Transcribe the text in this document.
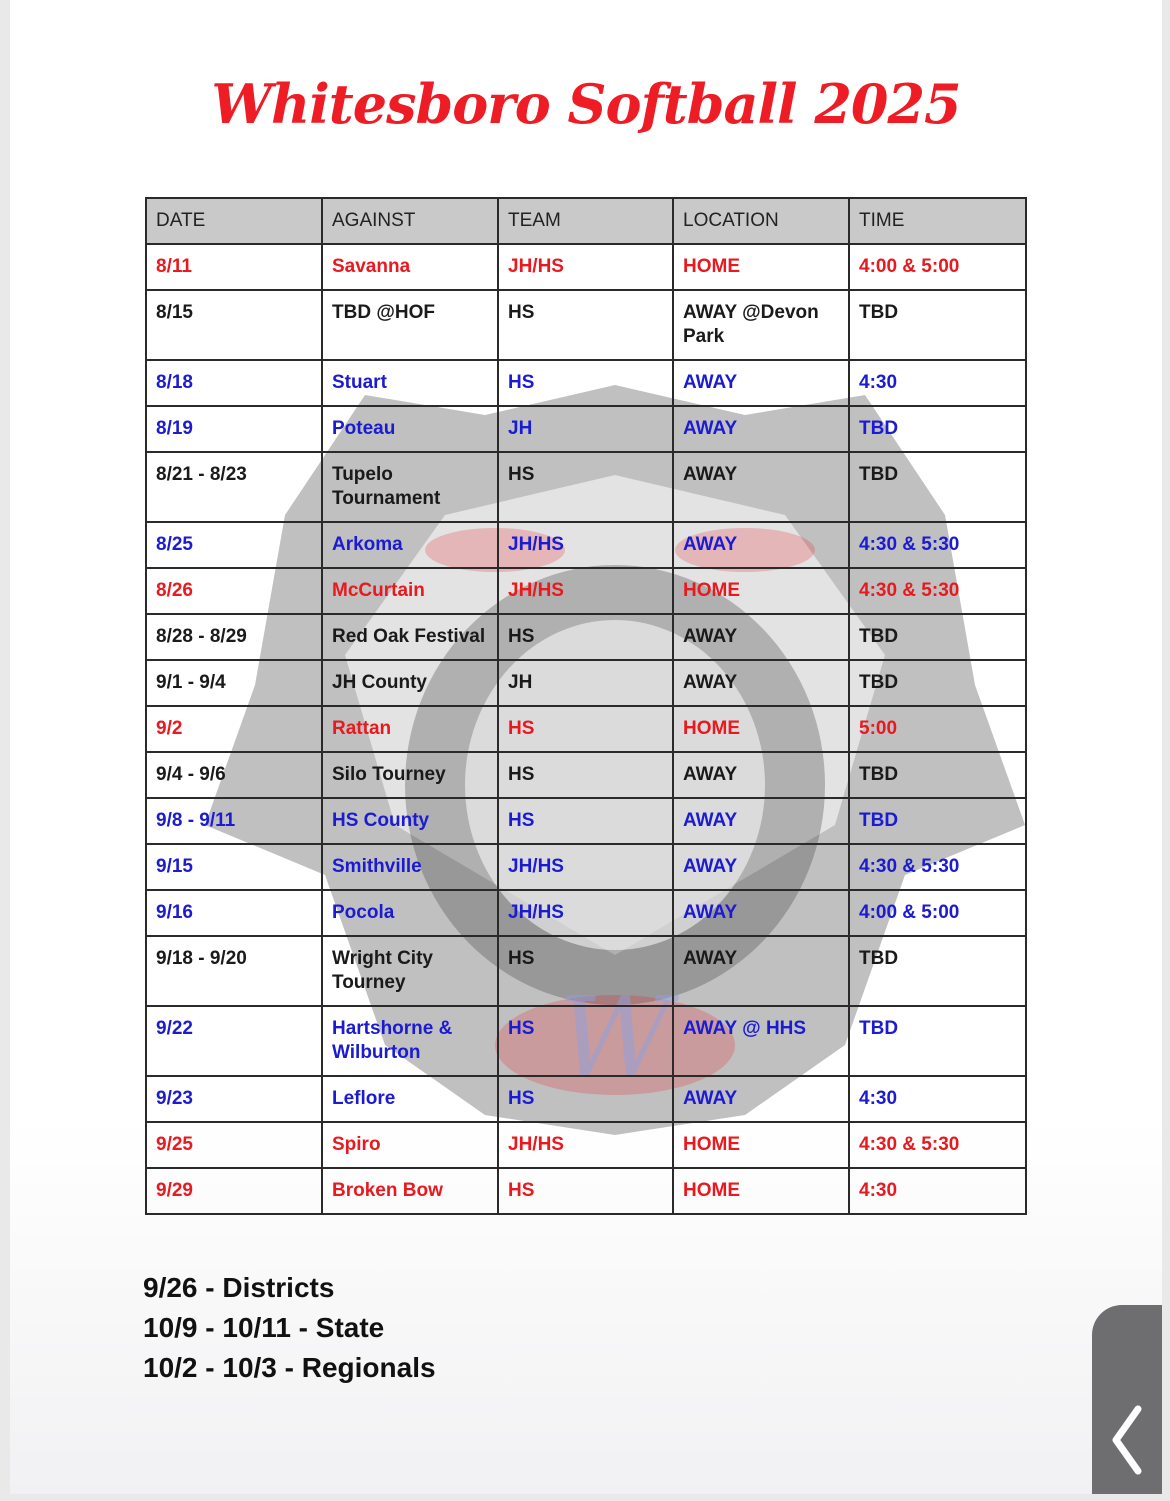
Whitesboro Softball 2025
W
DATE	AGAINST	TEAM	LOCATION	TIME
8/11	Savanna	JH/HS	HOME	4:00 & 5:00
8/15	TBD @HOF	HS	AWAY @Devon Park	TBD
8/18	Stuart	HS	AWAY	4:30
8/19	Poteau	JH	AWAY	TBD
8/21 - 8/23	Tupelo Tournament	HS	AWAY	TBD
8/25	Arkoma	JH/HS	AWAY	4:30 & 5:30
8/26	McCurtain	JH/HS	HOME	4:30 & 5:30
8/28 - 8/29	Red Oak Festival	HS	AWAY	TBD
9/1 - 9/4	JH County	JH	AWAY	TBD
9/2	Rattan	HS	HOME	5:00
9/4 - 9/6	Silo Tourney	HS	AWAY	TBD
9/8 - 9/11	HS County	HS	AWAY	TBD
9/15	Smithville	JH/HS	AWAY	4:30 & 5:30
9/16	Pocola	JH/HS	AWAY	4:00 & 5:00
9/18 - 9/20	Wright City Tourney	HS	AWAY	TBD
9/22	Hartshorne & Wilburton	HS	AWAY @ HHS	TBD
9/23	Leflore	HS	AWAY	4:30
9/25	Spiro	JH/HS	HOME	4:30 & 5:30
9/29	Broken Bow	HS	HOME	4:30
9/26 - Districts
10/9 - 10/11 - State
10/2 - 10/3 - Regionals
